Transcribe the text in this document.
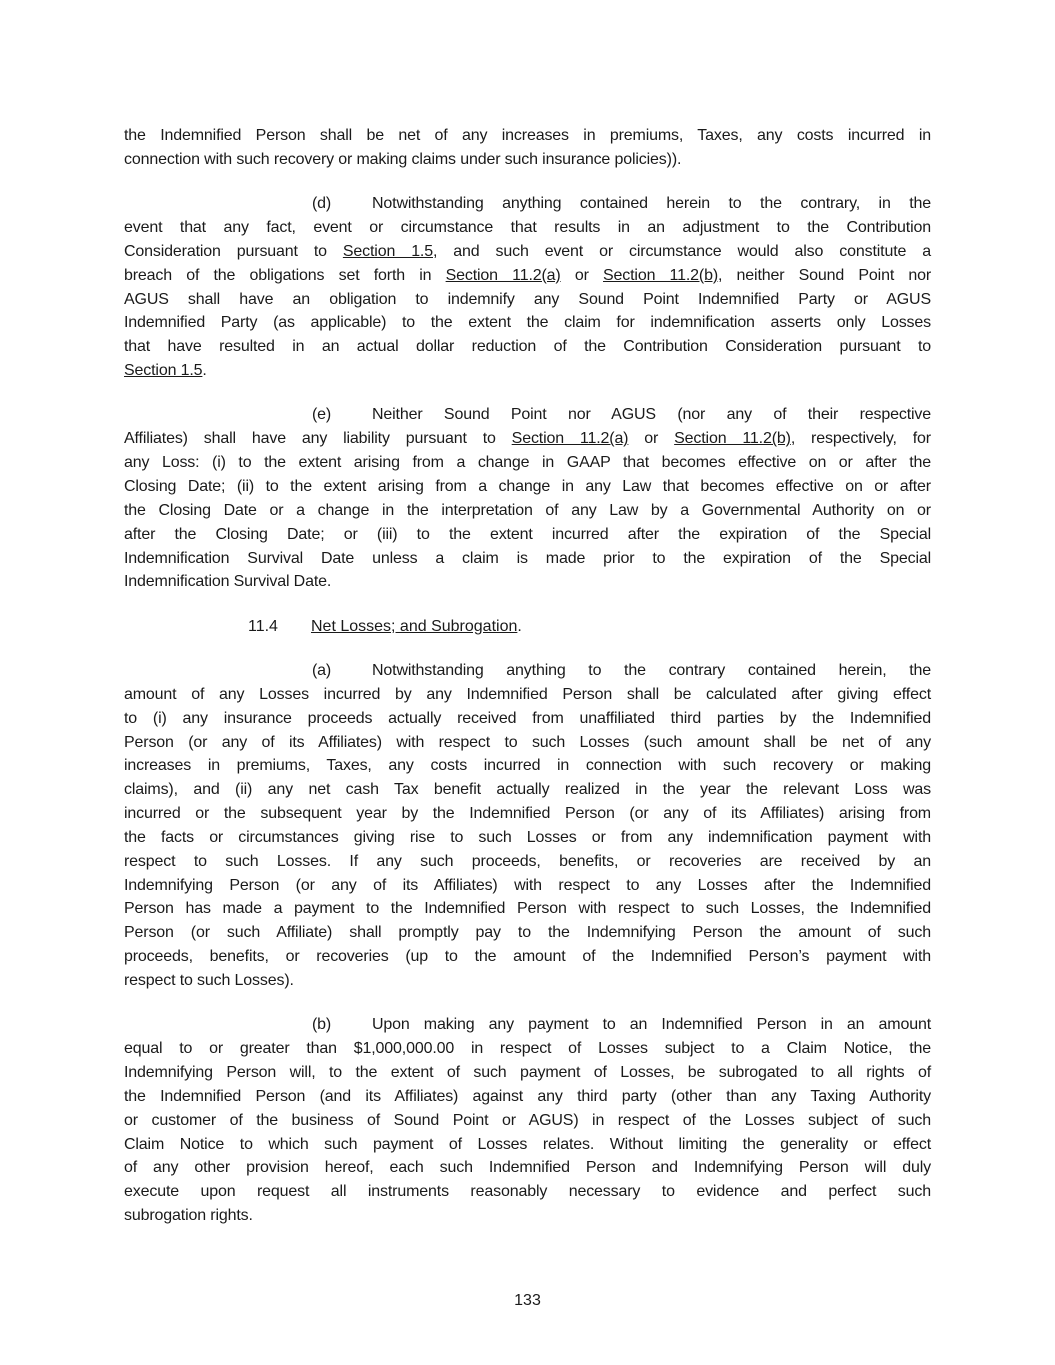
the Indemnified Person shall be net of any increases in premiums, Taxes, any costs incurred in
connection with such recovery or making claims under such insurance policies)).
(d)	Notwithstanding anything contained herein to the contrary, in the
event that any fact, event or circumstance that results in an adjustment to the Contribution
Consideration pursuant to Section 1.5, and such event or circumstance would also constitute a
breach of the obligations set forth in Section 11.2(a) or Section 11.2(b), neither Sound Point nor
AGUS shall have an obligation to indemnify any Sound Point Indemnified Party or AGUS
Indemnified Party (as applicable) to the extent the claim for indemnification asserts only Losses
that have resulted in an actual dollar reduction of the Contribution Consideration pursuant to
Section 1.5.
(e)	Neither Sound Point nor AGUS (nor any of their respective
Affiliates) shall have any liability pursuant to Section 11.2(a) or Section 11.2(b), respectively, for
any Loss: (i) to the extent arising from a change in GAAP that becomes effective on or after the
Closing Date; (ii) to the extent arising from a change in any Law that becomes effective on or after
the Closing Date or a change in the interpretation of any Law by a Governmental Authority on or
after the Closing Date; or (iii) to the extent incurred after the expiration of the Special
Indemnification Survival Date unless a claim is made prior to the expiration of the Special
Indemnification Survival Date.
11.4	Net Losses; and Subrogation.
(a)	Notwithstanding anything to the contrary contained herein, the
amount of any Losses incurred by any Indemnified Person shall be calculated after giving effect
to (i) any insurance proceeds actually received from unaffiliated third parties by the Indemnified
Person (or any of its Affiliates) with respect to such Losses (such amount shall be net of any
increases in premiums, Taxes, any costs incurred in connection with such recovery or making
claims), and (ii) any net cash Tax benefit actually realized in the year the relevant Loss was
incurred or the subsequent year by the Indemnified Person (or any of its Affiliates) arising from
the facts or circumstances giving rise to such Losses or from any indemnification payment with
respect to such Losses. If any such proceeds, benefits, or recoveries are received by an
Indemnifying Person (or any of its Affiliates) with respect to any Losses after the Indemnified
Person has made a payment to the Indemnified Person with respect to such Losses, the Indemnified
Person (or such Affiliate) shall promptly pay to the Indemnifying Person the amount of such
proceeds, benefits, or recoveries (up to the amount of the Indemnified Person’s payment with
respect to such Losses).
(b)	Upon making any payment to an Indemnified Person in an amount
equal to or greater than $1,000,000.00 in respect of Losses subject to a Claim Notice, the
Indemnifying Person will, to the extent of such payment of Losses, be subrogated to all rights of
the Indemnified Person (and its Affiliates) against any third party (other than any Taxing Authority
or customer of the business of Sound Point or AGUS) in respect of the Losses subject of such
Claim Notice to which such payment of Losses relates. Without limiting the generality or effect
of any other provision hereof, each such Indemnified Person and Indemnifying Person will duly
execute upon request all instruments reasonably necessary to evidence and perfect such
subrogation rights.
133
